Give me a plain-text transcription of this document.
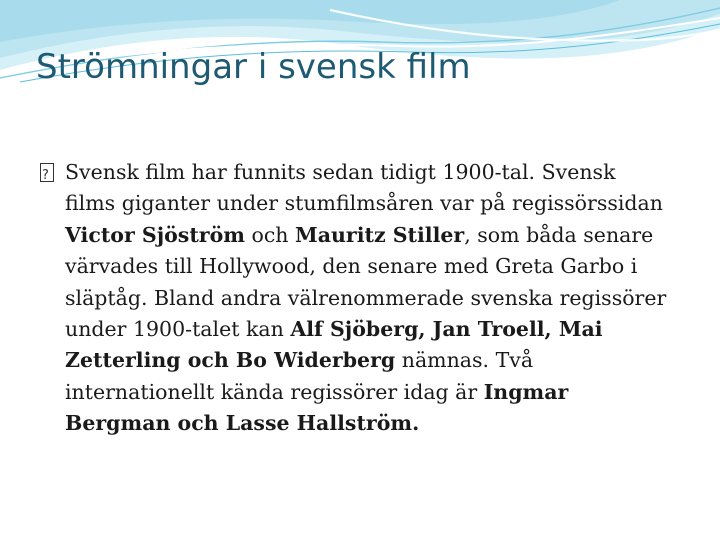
Strömningar i svensk film

?Svensk film har funnits sedan tidigt 1900-tal. Svensk films giganter under stumfilmsåren var på regissörssidan Victor Sjöström och Mauritz Stiller, som båda senare värvades till Hollywood, den senare med Greta Garbo i släptåg. Bland andra välrenommerade svenska regissörer under 1900-talet kan Alf Sjöberg, Jan Troell, Mai Zetterling och Bo Widerberg nämnas. Två internationellt kända regissörer idag är Ingmar Bergman och Lasse Hallström.
